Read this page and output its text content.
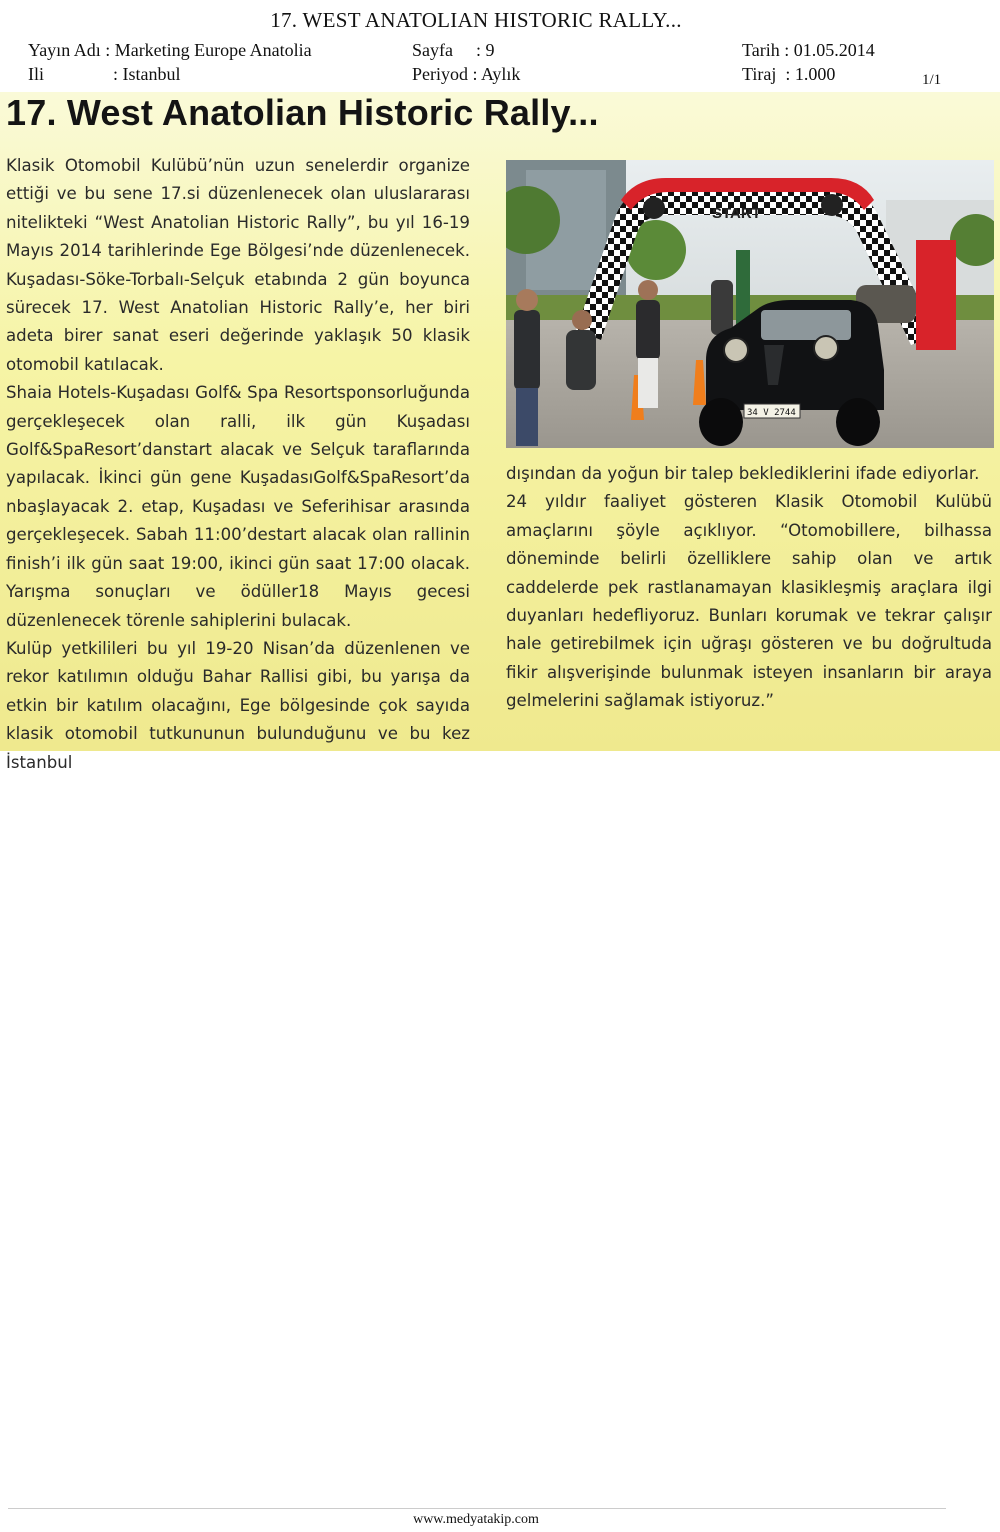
17. WEST ANATOLIAN HISTORIC RALLY...
Yayın Adı : Marketing Europe Anatolia
Ili	: Istanbul
Sayfa : 9
Periyod : Aylık
Tarih : 01.05.2014
Tiraj  : 1.000	1/1
17. West Anatolian Historic Rally...

Klasik Otomobil Kulübü’nün uzun senelerdir organize ettiği ve bu sene 17.si düzenlenecek olan uluslararası nitelikteki “West Anatolian Historic Rally”, bu yıl 16-19 Mayıs 2014 tarihlerinde Ege Bölgesi’nde düzenlenecek. Kuşadası-Söke-Torbalı-Selçuk etabında 2 gün boyunca sürecek 17. West Anatolian Historic Rally’e, her biri adeta birer sanat eseri değerinde yaklaşık 50 klasik otomobil katılacak.

Shaia Hotels-Kuşadası Golf& Spa Resortsponsorluğunda gerçekleşecek olan ralli, ilk gün Kuşadası Golf&SpaResort’danstart alacak ve Selçuk taraflarında yapılacak. İkinci gün gene KuşadasıGolf&SpaResort’da nbaşlayacak 2. etap, Kuşadası ve Seferihisar arasında gerçekleşecek. Sabah 11:00’destart alacak olan rallinin finish’i ilk gün saat 19:00, ikinci gün saat 17:00 olacak. Yarışma sonuçları ve ödüller18 Mayıs gecesi düzenlenecek törenle sahiplerini bulacak.

Kulüp yetkilileri bu yıl 19-20 Nisan’da düzenlenen ve rekor katılımın olduğu Bahar Rallisi gibi, bu yarışa da etkin bir katılım olacağını, Ege bölgesinde çok sayıda klasik otomobil tutkununun bulunduğunu ve bu kez İstanbul

START
34 V 2744

dışından da yoğun bir talep beklediklerini ifade ediyorlar.

24 yıldır faaliyet gösteren Klasik Otomobil Kulübü amaçlarını şöyle açıklıyor. “Otomobillere, bilhassa döneminde belirli özelliklere sahip olan ve artık caddelerde pek rastlanamayan klasikleşmiş araçlara ilgi duyanları hedefliyoruz. Bunları korumak ve tekrar çalışır hale getirebilmek için uğraşı gösteren ve bu doğrultuda fikir alışverişinde bulunmak isteyen insanların bir araya gelmelerini sağlamak istiyoruz.”

www.medyatakip.com
